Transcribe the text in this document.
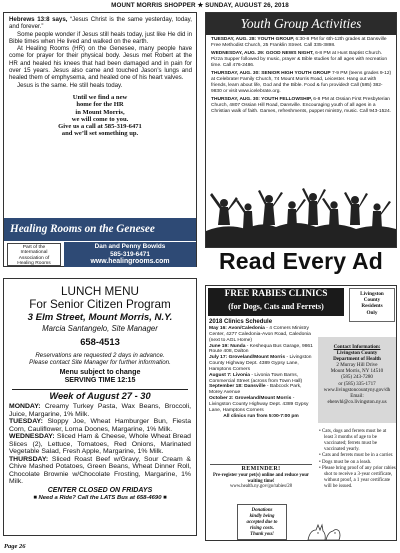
MOUNT MORRIS SHOPPER ★ SUNDAY, AUGUST 26, 2018

Hebrews 13:8 says, “Jesus Christ is the same yesterday, today, and forever.”

Some people wonder if Jesus still heals today, just like He did in Bible times when He lived and walked on the earth.

At Healing Rooms (HR) on the Genesee, many people have come for prayer for their physical body. Jesus met Robert at the HR and healed his knees that had been damaged and in pain for over 15 years. Jesus also came and touched Jason’s lungs and healed them of emphysema, and healed one of his heart valves.

Jesus is the same. He still heals today.

Until we find a new
home for the HR
in Mount Morris,
we will come to you.
Give us a call at 585-319-6471
and we’ll set something up.
Healing Rooms on the Genesee
Part of the
International
Association of
Healing Rooms
Dan and Penny Bowlds
585-319-6471
www.healingrooms.com
Youth Group Activities

TUESDAY, AUG. 28: YOUTH GROUP, 6:30-8 PM for 6th-12th grades at Dansville Free Methodist Church, 25 Franklin Street. Call 335-3898.

WEDNESDAY, AUG. 29: GOOD NEWS NIGHT, 6-8 PM at Hunt Baptist Church. Pizza Supper followed by music, prayer & Bible studies for all ages with recreation time. Call 476-2486.

THURSDAY, AUG. 30: SENIOR HIGH YOUTH GROUP 7-9 PM (teens grades 9-12) at Celebrate! Family Church, 74 Mount Morris Road, Leicester. Hang out with friends, learn about life, God and the Bible. Food & fun provided! Call (585) 382-9830 or visit www.icelebrate.org.

THURSDAY, AUG. 30: YOUTH FELLOWSHIP, 6-8 PM at Ossian First Presbyterian Church, 4807 Ossian Hill Road, Dansville. Encouraging youth of all ages in a Christian walk of faith. Games, refreshments, puppet ministry, music. Call 943-1524.

Read Every Ad
LUNCH MENU
For Senior Citizen Program
3 Elm Street, Mount Morris, N.Y.
Marcia Santangelo, Site Manager
658-4513
Reservations are requested 2 days in advance.
Please contact Site Manager for further information.
Menu subject to change
SERVING TIME 12:15
Week of August 27 - 30

MONDAY: Creamy Turkey Pasta, Wax Beans, Broccoli, Juice, Margarine, 1% Milk.

TUESDAY: Sloppy Joe, Wheat Hamburger Bun, Fiesta Corn, Cauliflower, Lorna Doones, Margarine, 1% Milk.

WEDNESDAY: Sliced Ham & Cheese, Whole Wheat Bread Slices (2), Lettuce, Tomatoes, Red Onions, Marinated Vegetable Salad, Fresh Apple, Margarine, 1% Milk.

THURSDAY: Sliced Roast Beef w/Gravy, Sour Cream & Chive Mashed Potatoes, Green Beans, Wheat Dinner Roll, Chocolate Brownie w/Chocolate Frosting, Margarine, 1% Milk.

CENTER CLOSED ON FRIDAYS
■ Need a Ride? Call the LATS Bus at 658-4690 ■
FREE RABIES CLINICS
(for Dogs, Cats and Ferrets)
Livingston
County
Residents
Only
2018 Clinics Schedule

May 16: Avon/Caledonia - 4 Corners Ministry Center, 4277 Caledonia-Avon Road, Caledonia (next to AGL Home)

June 19: Nunda - Keshequa Bus Garage, 9861 Route 408, Dalton

July 17: Groveland/Mount Morris - Livingston County Highway Dept. 4389 Gypsy Lane, Hamptons Corners

August 7: Livonia - Livonia Town Barns, Commercial Street (across from Town Hall)

September 18: Dansville - Babcock Park, Morey Avenue

October 2: Groveland/Mount Morris - Livingston County Highway Dept. 4389 Gypsy Lane, Hamptons Corners

All clinics run from 5:00-7:00 pm
REMINDER!
Pre-register your pet(s) online and reduce your waiting time!
www.health.ny.gov/go/rabies/28
Donations
kindly being
accepted due to
rising costs.
Thank you!
Contact Information:
Livingston County
Department of Health
2 Murray Hill Drive
Mount Morris, NY 14510
(585) 243-7280
or (585) 335-1717
www.livingstoncountyny.gov/dh
Email:
ehenvhl@co.livingston.ny.us
• Cats, dogs and ferrets must be at least 3 months of age to be vaccinated; ferrets must be vaccinated yearly.
• Cats and ferrets must be in a carrier.
• Dogs must be on a leash.
• Please bring proof of any prior rabies shot to receive a 3-year certificate, without proof, a 1 year certificate will be issued.
Page 26
